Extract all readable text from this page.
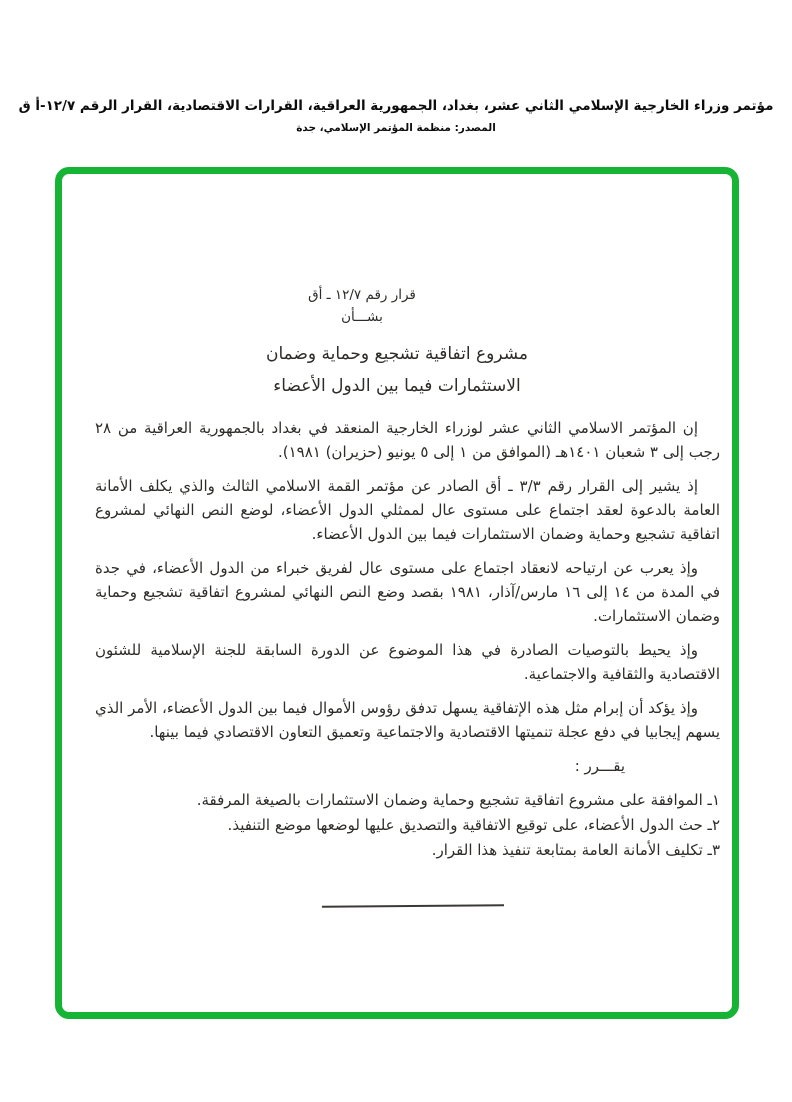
مؤتمر وزراء الخارجية الإسلامي الثاني عشر، بغداد، الجمهورية العراقية، القرارات الاقتصادية، القرار الرقم ١٢/٧-أ ق
المصدر: منظمة المؤتمر الإسلامي، جدة
قرار رقم ١٢/٧ ـ أق
بشـــأن
مشروع اتفاقية تشجيع وحماية وضمان
الاستثمارات فيما بين الدول الأعضاء

إن المؤتمر الاسلامي الثاني عشر لوزراء الخارجية المنعقد في بغداد بالجمهورية العراقية من ٢٨ رجب إلى ٣ شعبان ١٤٠١هـ (الموافق من ١ إلى ٥ يونيو (حزيران) ١٩٨١).

إذ يشير إلى القرار رقم ٣/٣ ـ أق الصادر عن مؤتمر القمة الاسلامي الثالث والذي يكلف الأمانة العامة بالدعوة لعقد اجتماع على مستوى عال لممثلي الدول الأعضاء، لوضع النص النهائي لمشروع اتفاقية تشجيع وحماية وضمان الاستثمارات فيما بين الدول الأعضاء.

وإذ يعرب عن ارتياحه لانعقاد اجتماع على مستوى عال لفريق خبراء من الدول الأعضاء، في جدة في المدة من ١٤ إلى ١٦ مارس/آذار، ١٩٨١ بقصد وضع النص النهائي لمشروع اتفاقية تشجيع وحماية وضمان الاستثمارات.

وإذ يحيط بالتوصيات الصادرة في هذا الموضوع عن الدورة السابقة للجنة الإسلامية للشئون الاقتصادية والثقافية والاجتماعية.

وإذ يؤكد أن إبرام مثل هذه الإتفاقية يسهل تدفق رؤوس الأموال فيما بين الدول الأعضاء، الأمر الذي يسهم إيجابيا في دفع عجلة تنميتها الاقتصادية والاجتماعية وتعميق التعاون الاقتصادي فيما بينها.

يقـــرر :

١ـ الموافقة على مشروع اتفاقية تشجيع وحماية وضمان الاستثمارات بالصيغة المرفقة.

٢ـ حث الدول الأعضاء، على توقيع الاتفاقية والتصديق عليها لوضعها موضع التنفيذ.

٣ـ تكليف الأمانة العامة بمتابعة تنفيذ هذا القرار.
